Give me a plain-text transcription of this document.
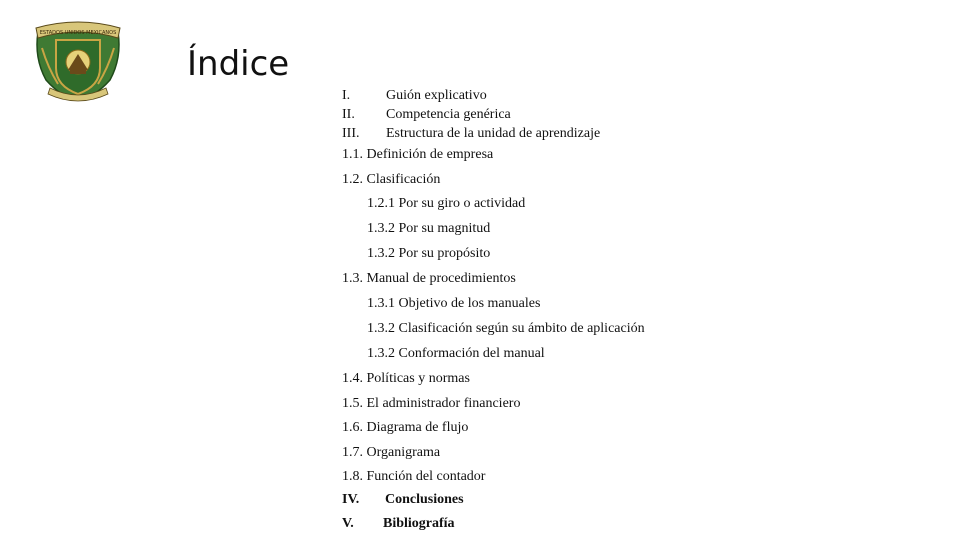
ESTADOS UNIDOS MEXICANOS
Índice
I.	Guión explicativo
II. Competencia genérica
III. Estructura de la unidad de aprendizaje
1.1. Definición de empresa
1.2. Clasificación
1.2.1 Por su giro o actividad
1.3.2 Por su magnitud
1.3.2 Por su propósito
1.3. Manual de procedimientos
1.3.1 Objetivo de los manuales
1.3.2 Clasificación según su ámbito de aplicación
1.3.2 Conformación del manual
1.4. Políticas y normas
1.5. El administrador financiero
1.6. Diagrama de flujo
1.7. Organigrama
1.8. Función del contador
IV. Conclusiones
V. Bibliografía
